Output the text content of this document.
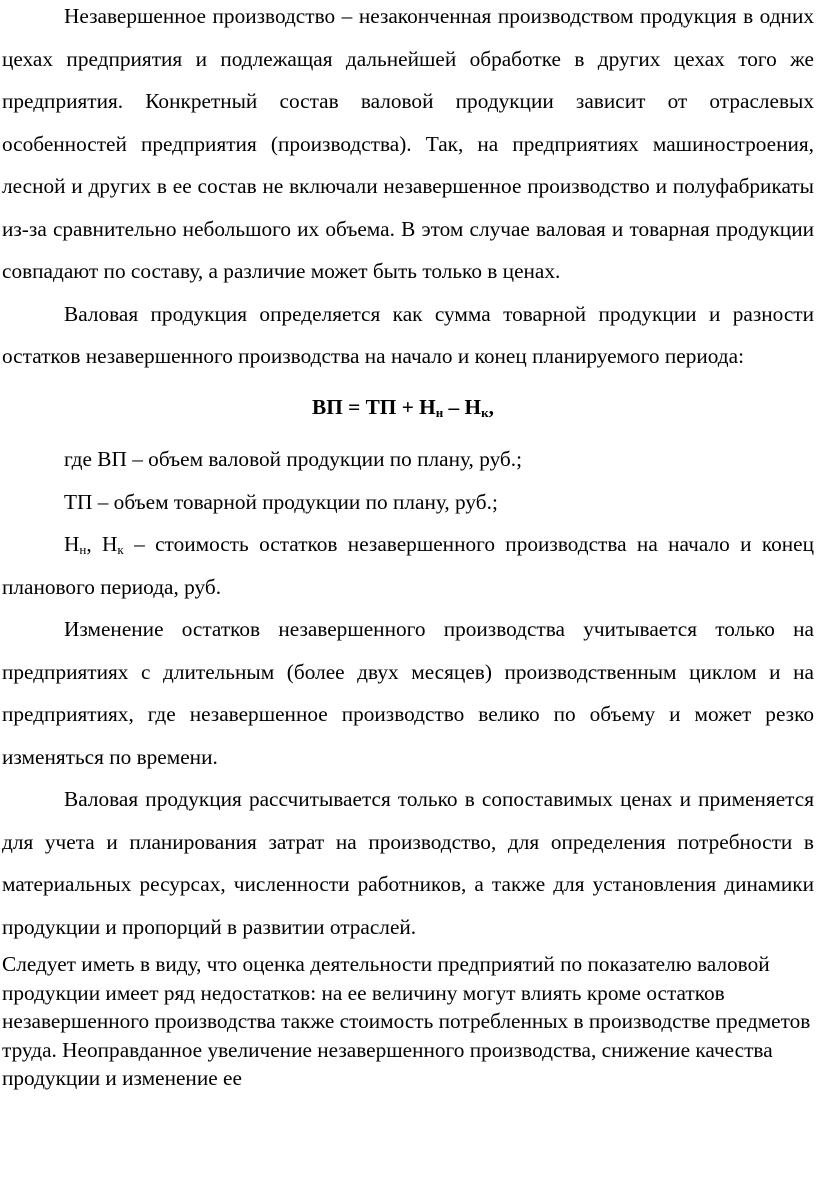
Незавершенное производство – незаконченная производством продукция в одних цехах предприятия и подлежащая дальнейшей обработке в других цехах того же предприятия. Конкретный состав валовой продукции зависит от отраслевых особенностей предприятия (производства). Так, на предприятиях машиностроения, лесной и других в ее состав не включали незавершенное производство и полуфабрикаты из-за сравнительно небольшого их объема. В этом случае валовая и товарная продукции совпадают по составу, а различие может быть только в ценах.

Валовая продукция определяется как сумма товарной продукции и разности остатков незавершенного производства на начало и конец планируемого периода:

ВП = ТП + $Н_н - Н_к$,

где ВП – объем валовой продукции по плану, руб.;

ТП – объем товарной продукции по плану, руб.;

$Н_н$, $Н_к$ – стоимость остатков незавершенного производства на начало и конец планового периода, руб.

Изменение остатков незавершенного производства учитывается только на предприятиях с длительным (более двух месяцев) производственным циклом и на предприятиях, где незавершенное производство велико по объему и может резко изменяться по времени.

Валовая продукция рассчитывается только в сопоставимых ценах и применяется для учета и планирования затрат на производство, для определения потребности в материальных ресурсах, численности работников, а также для установления динамики продукции и пропорций в развитии отраслей.

Следует иметь в виду, что оценка деятельности предприятий по показателю валовой продукции имеет ряд недостатков: на ее величину могут влиять кроме остатков незавершенного производства также стоимость потребленных в производстве предметов труда. Неоправданное увеличение незавершенного производства, снижение качества продукции и изменение ее
